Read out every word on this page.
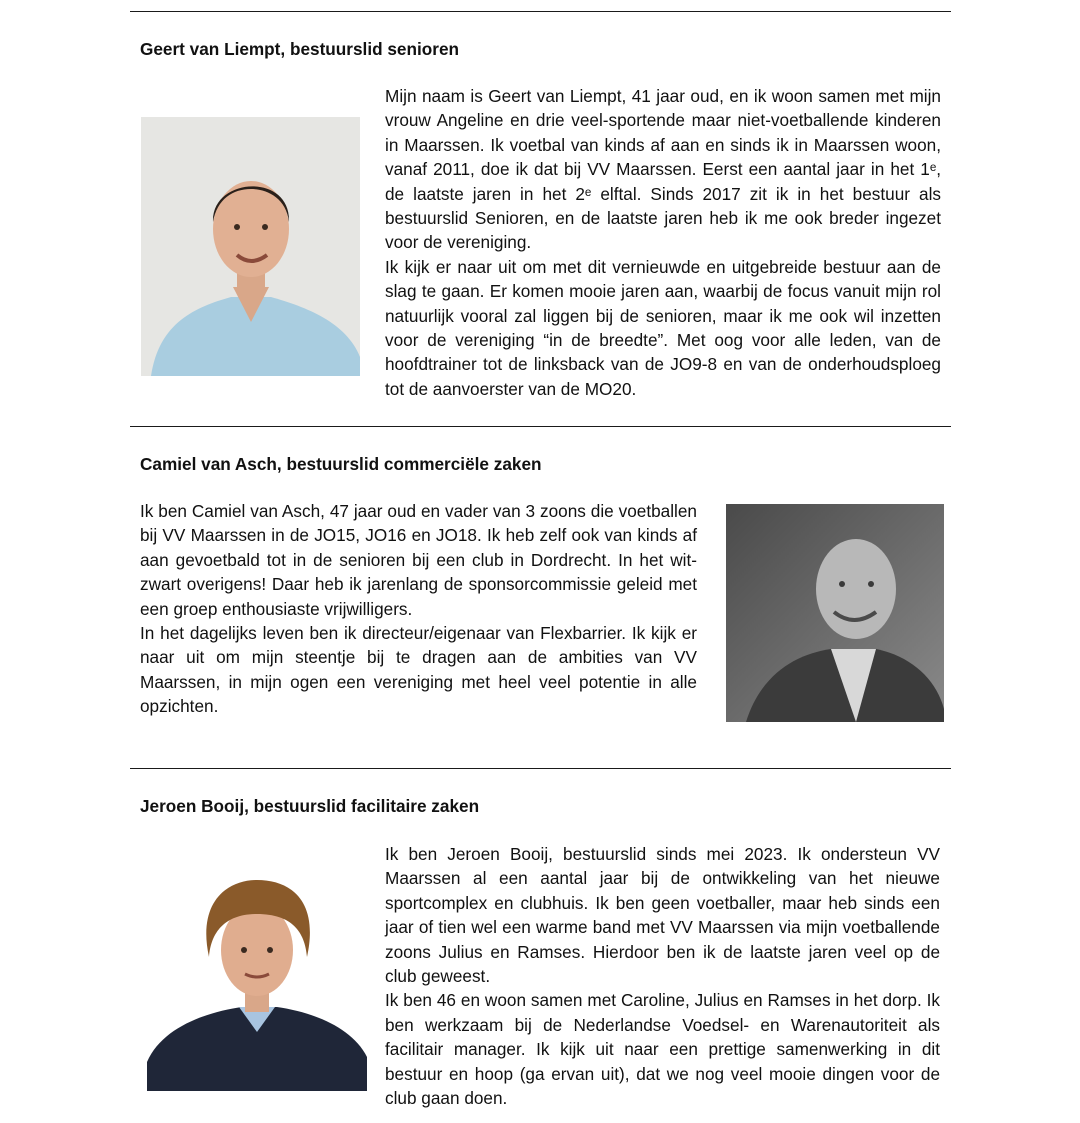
Geert van Liempt, bestuurslid senioren

Mijn naam is Geert van Liempt, 41 jaar oud, en ik woon samen met mijn vrouw Angeline en drie veel-sportende maar niet-voetballende kinderen in Maarssen. Ik voetbal van kinds af aan en sinds ik in Maarssen woon, vanaf 2011, doe ik dat bij VV Maarssen. Eerst een aantal jaar in het 1ᵉ, de laatste jaren in het 2ᵉ elftal. Sinds 2017 zit ik in het bestuur als bestuurslid Senioren, en de laatste jaren heb ik me ook breder ingezet voor de vereniging.

Ik kijk er naar uit om met dit vernieuwde en uitgebreide bestuur aan de slag te gaan. Er komen mooie jaren aan, waarbij de focus vanuit mijn rol natuurlijk vooral zal liggen bij de senioren, maar ik me ook wil inzetten voor de vereniging “in de breedte”. Met oog voor alle leden, van de hoofdtrainer tot de linksback van de JO9-8 en van de onderhoudsploeg tot de aanvoerster van de MO20.

Camiel van Asch, bestuurslid commerciële zaken

Ik ben Camiel van Asch, 47 jaar oud en vader van 3 zoons die voetballen bij VV Maarssen in de JO15, JO16 en JO18. Ik heb zelf ook van kinds af aan gevoetbald tot in de senioren bij een club in Dordrecht. In het wit-zwart overigens! Daar heb ik jarenlang de sponsorcommissie geleid met een groep enthousiaste vrijwilligers.

In het dagelijks leven ben ik directeur/eigenaar van Flexbarrier. Ik kijk er naar uit om mijn steentje bij te dragen aan de ambities van VV Maarssen, in mijn ogen een vereniging met heel veel potentie in alle opzichten.

Jeroen Booij, bestuurslid facilitaire zaken

Ik ben Jeroen Booij, bestuurslid sinds mei 2023. Ik ondersteun VV Maarssen al een aantal jaar bij de ontwikkeling van het nieuwe sportcomplex en clubhuis. Ik ben geen voetballer, maar heb sinds een jaar of tien wel een warme band met VV Maarssen via mijn voetballende zoons Julius en Ramses. Hierdoor ben ik de laatste jaren veel op de club geweest.

Ik ben 46 en woon samen met Caroline, Julius en Ramses in het dorp. Ik ben werkzaam bij de Nederlandse Voedsel- en Warenautoriteit als facilitair manager. Ik kijk uit naar een prettige samenwerking in dit bestuur en hoop (ga ervan uit), dat we nog veel mooie dingen voor de club gaan doen.
